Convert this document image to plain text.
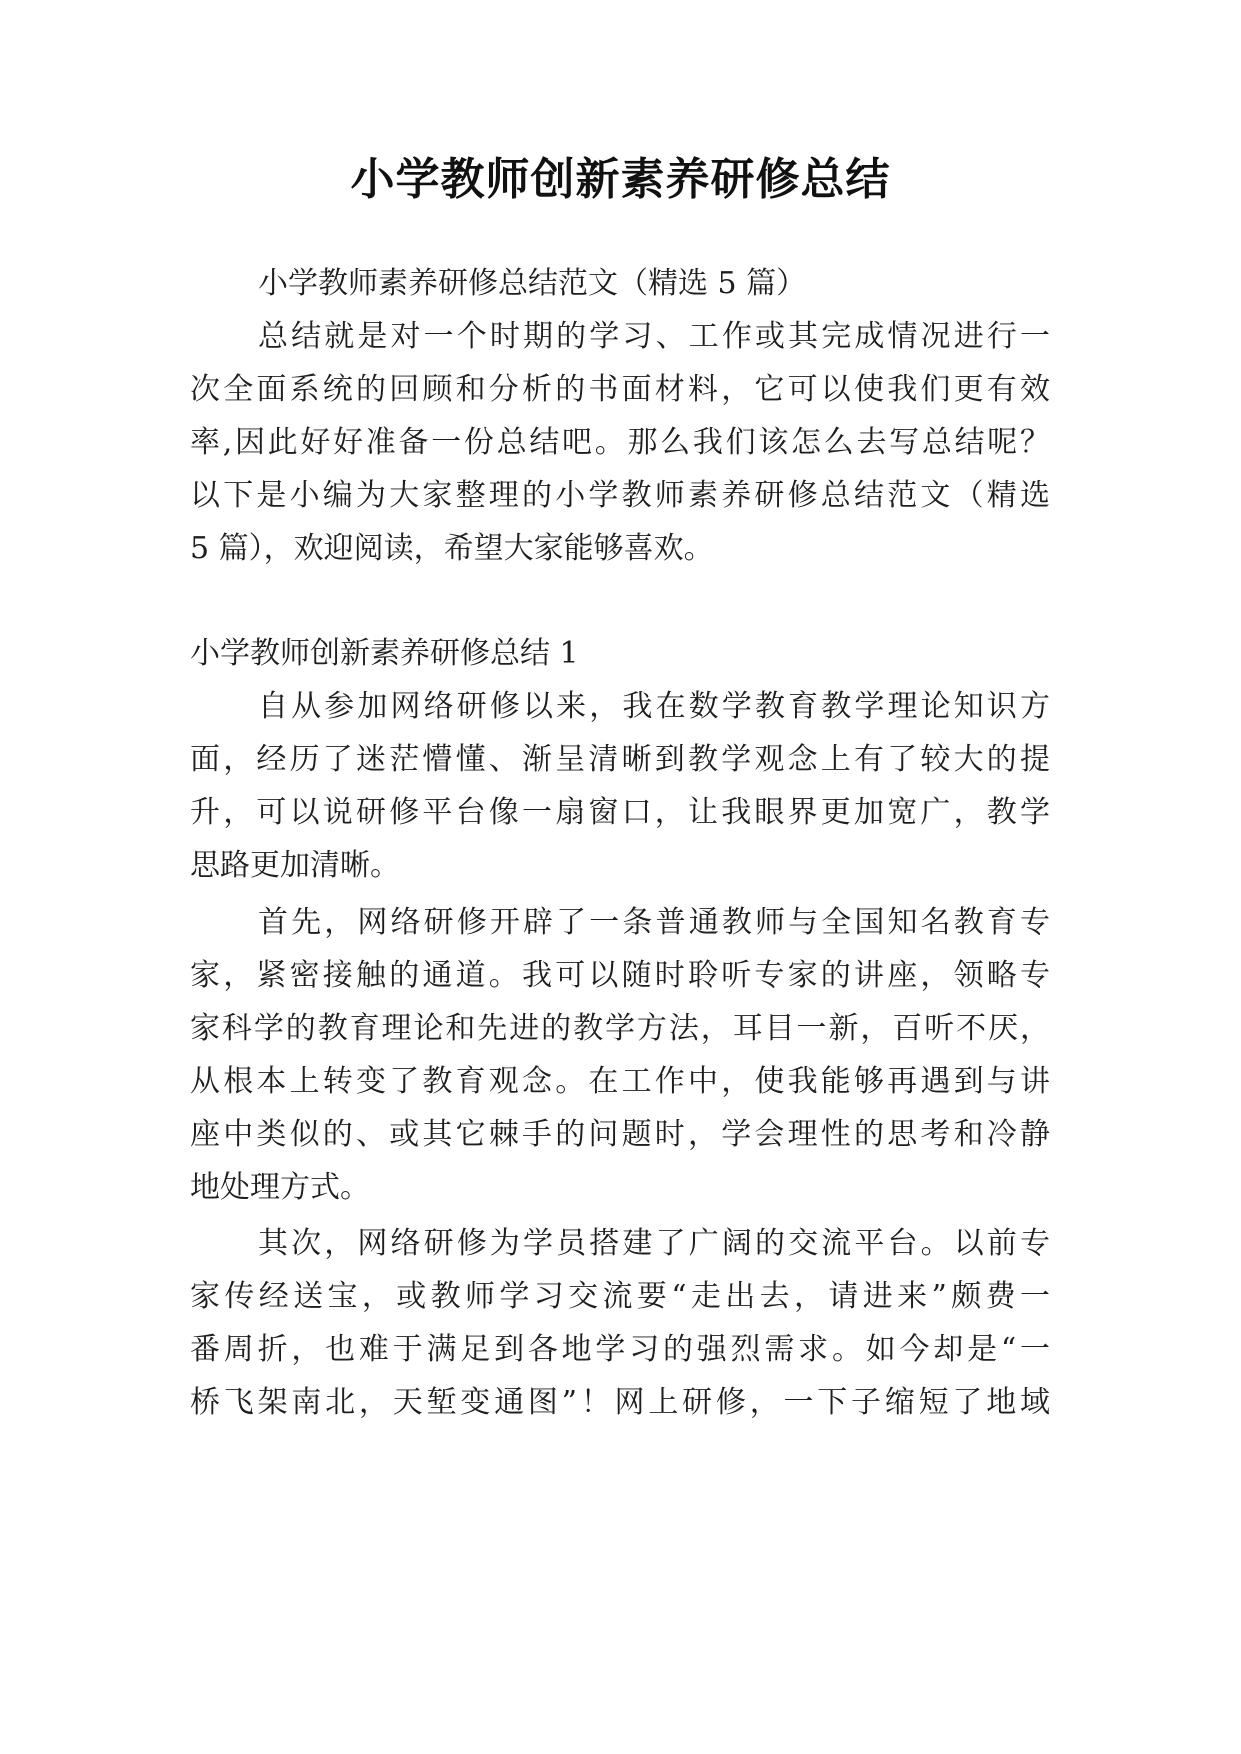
小学教师创新素养研修总结
小学教师素养研修总结范文（精选 5 篇）
总结就是对一个时期的学习、工作或其完成情况进行一
次全面系统的回顾和分析的书面材料，它可以使我们更有效
率,因此好好准备一份总结吧。那么我们该怎么去写总结呢？
以下是小编为大家整理的小学教师素养研修总结范文（精选
5 篇），欢迎阅读，希望大家能够喜欢。
小学教师创新素养研修总结 1
自从参加网络研修以来，我在数学教育教学理论知识方
面，经历了迷茫懵懂、渐呈清晰到教学观念上有了较大的提
升，可以说研修平台像一扇窗口，让我眼界更加宽广，教学
思路更加清晰。
首先，网络研修开辟了一条普通教师与全国知名教育专
家，紧密接触的通道。我可以随时聆听专家的讲座，领略专
家科学的教育理论和先进的教学方法，耳目一新，百听不厌，
从根本上转变了教育观念。在工作中，使我能够再遇到与讲
座中类似的、或其它棘手的问题时，学会理性的思考和冷静
地处理方式。
其次，网络研修为学员搭建了广阔的交流平台。以前专
家传经送宝，或教师学习交流要“走出去，请进来”颇费一
番周折，也难于满足到各地学习的强烈需求。如今却是“一
桥飞架南北，天堑变通图”！网上研修，一下子缩短了地域
